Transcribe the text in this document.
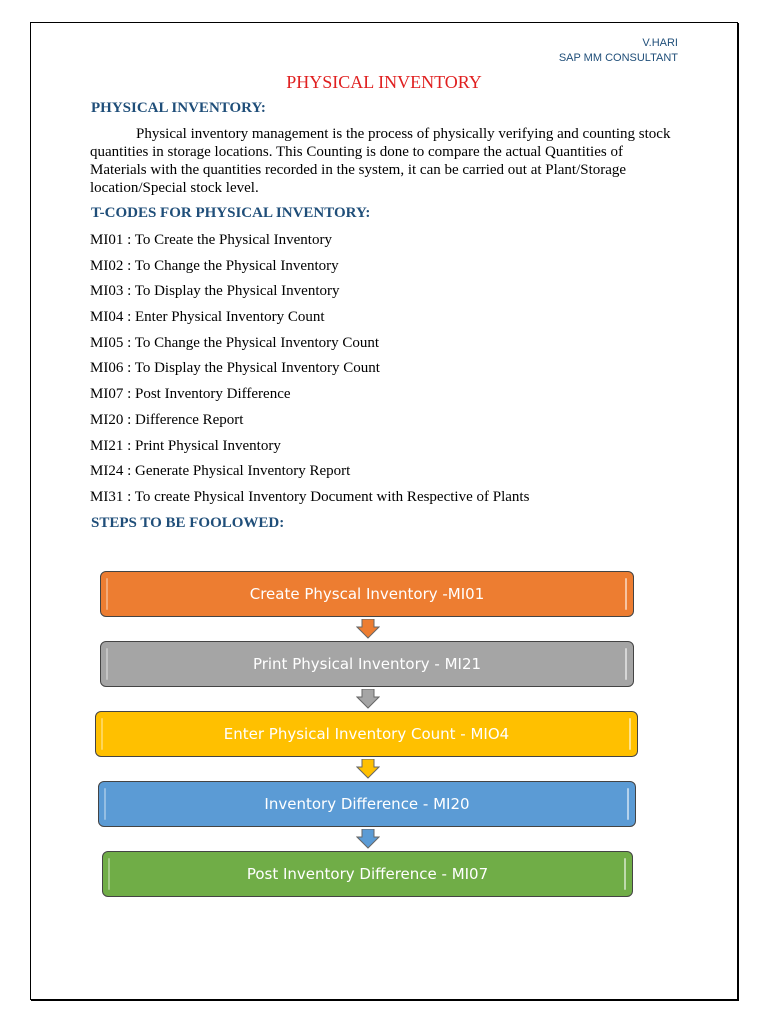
V.HARI
SAP MM CONSULTANT
PHYSICAL INVENTORY
PHYSICAL INVENTORY:

Physical inventory management is the process of physically verifying and counting stock quantities in storage locations. This Counting is done to compare the actual Quantities of Materials with the quantities recorded in the system, it can be carried out at Plant/Storage location/Special stock level.

T-CODES FOR PHYSICAL INVENTORY:
MI01 : To Create the Physical Inventory
MI02 : To Change the Physical Inventory
MI03 : To Display the Physical Inventory
MI04 : Enter Physical Inventory Count
MI05 : To Change the Physical Inventory Count
MI06 : To Display the Physical Inventory Count
MI07 : Post Inventory Difference
MI20 : Difference Report
MI21 : Print Physical Inventory
MI24 : Generate Physical Inventory Report
MI31 : To create Physical Inventory Document with Respective of Plants
STEPS TO BE FOOLOWED:
Create Physcal Inventory -MI01
Print Physical Inventory - MI21
Enter Physical Inventory Count - MIO4
Inventory Difference - MI20
Post Inventory Difference - MI07
